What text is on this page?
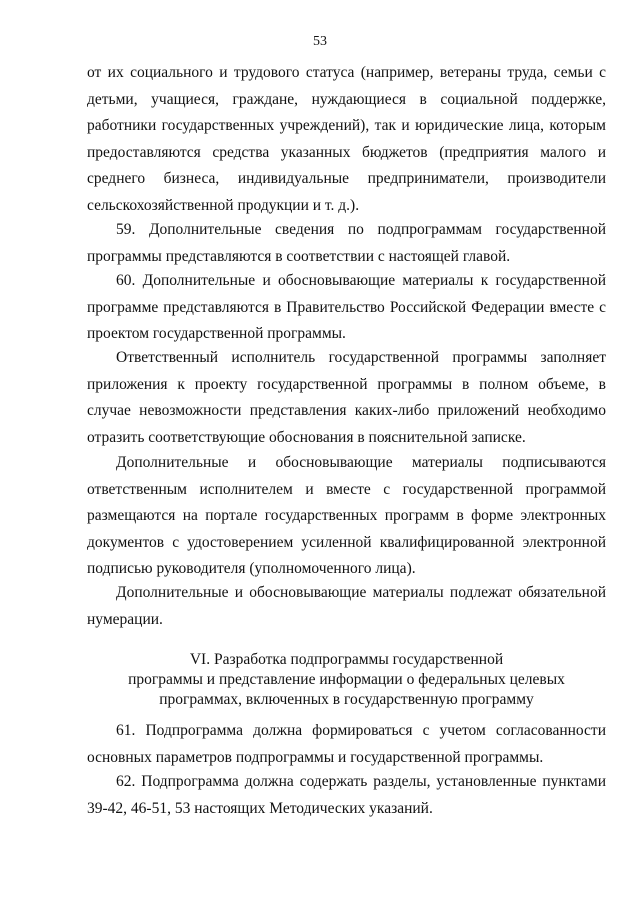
53

от их социального и трудового статуса (например, ветераны труда, семьи с детьми, учащиеся, граждане, нуждающиеся в социальной поддержке, работники государственных учреждений), так и юридические лица, которым предоставляются средства указанных бюджетов (предприятия малого и среднего бизнеса, индивидуальные предприниматели, производители сельскохозяйственной продукции и т. д.).

59. Дополнительные сведения по подпрограммам государственной программы представляются в соответствии с настоящей главой.

60. Дополнительные и обосновывающие материалы к государственной программе представляются в Правительство Российской Федерации вместе с проектом государственной программы.

Ответственный исполнитель государственной программы заполняет приложения к проекту государственной программы в полном объеме, в случае невозможности представления каких-либо приложений необходимо отразить соответствующие обоснования в пояснительной записке.

Дополнительные и обосновывающие материалы подписываются ответственным исполнителем и вместе с государственной программой размещаются на портале государственных программ в форме электронных документов с удостоверением усиленной квалифицированной электронной подписью руководителя (уполномоченного лица).

Дополнительные и обосновывающие материалы подлежат обязательной нумерации.

VI. Разработка подпрограммы государственной
программы и представление информации о федеральных целевых
программах, включенных в государственную программу

61. Подпрограмма должна формироваться с учетом согласованности основных параметров подпрограммы и государственной программы.

62. Подпрограмма должна содержать разделы, установленные пунктами 39-42, 46-51, 53 настоящих Методических указаний.
